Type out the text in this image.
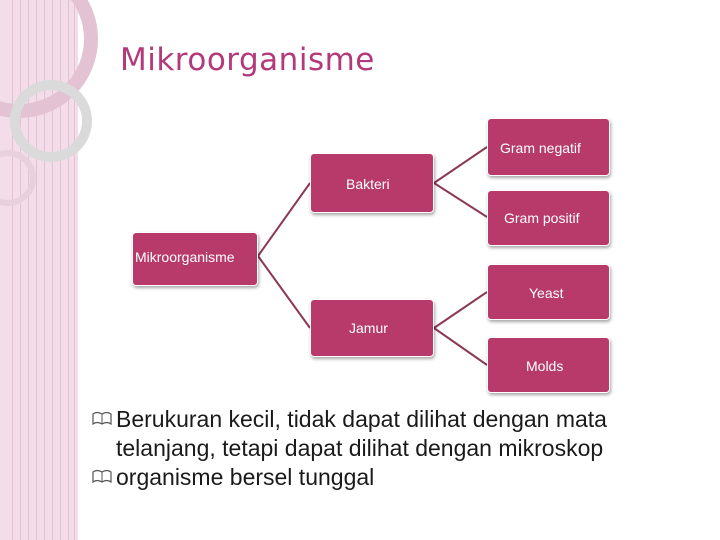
Mikroorganisme
Mikroorganisme
Bakteri
Jamur
Gram negatif
Gram positif
Yeast
Molds
Berukuran kecil, tidak dapat dilihat dengan mata telanjang, tetapi dapat dilihat dengan mikroskop
organisme bersel tunggal
